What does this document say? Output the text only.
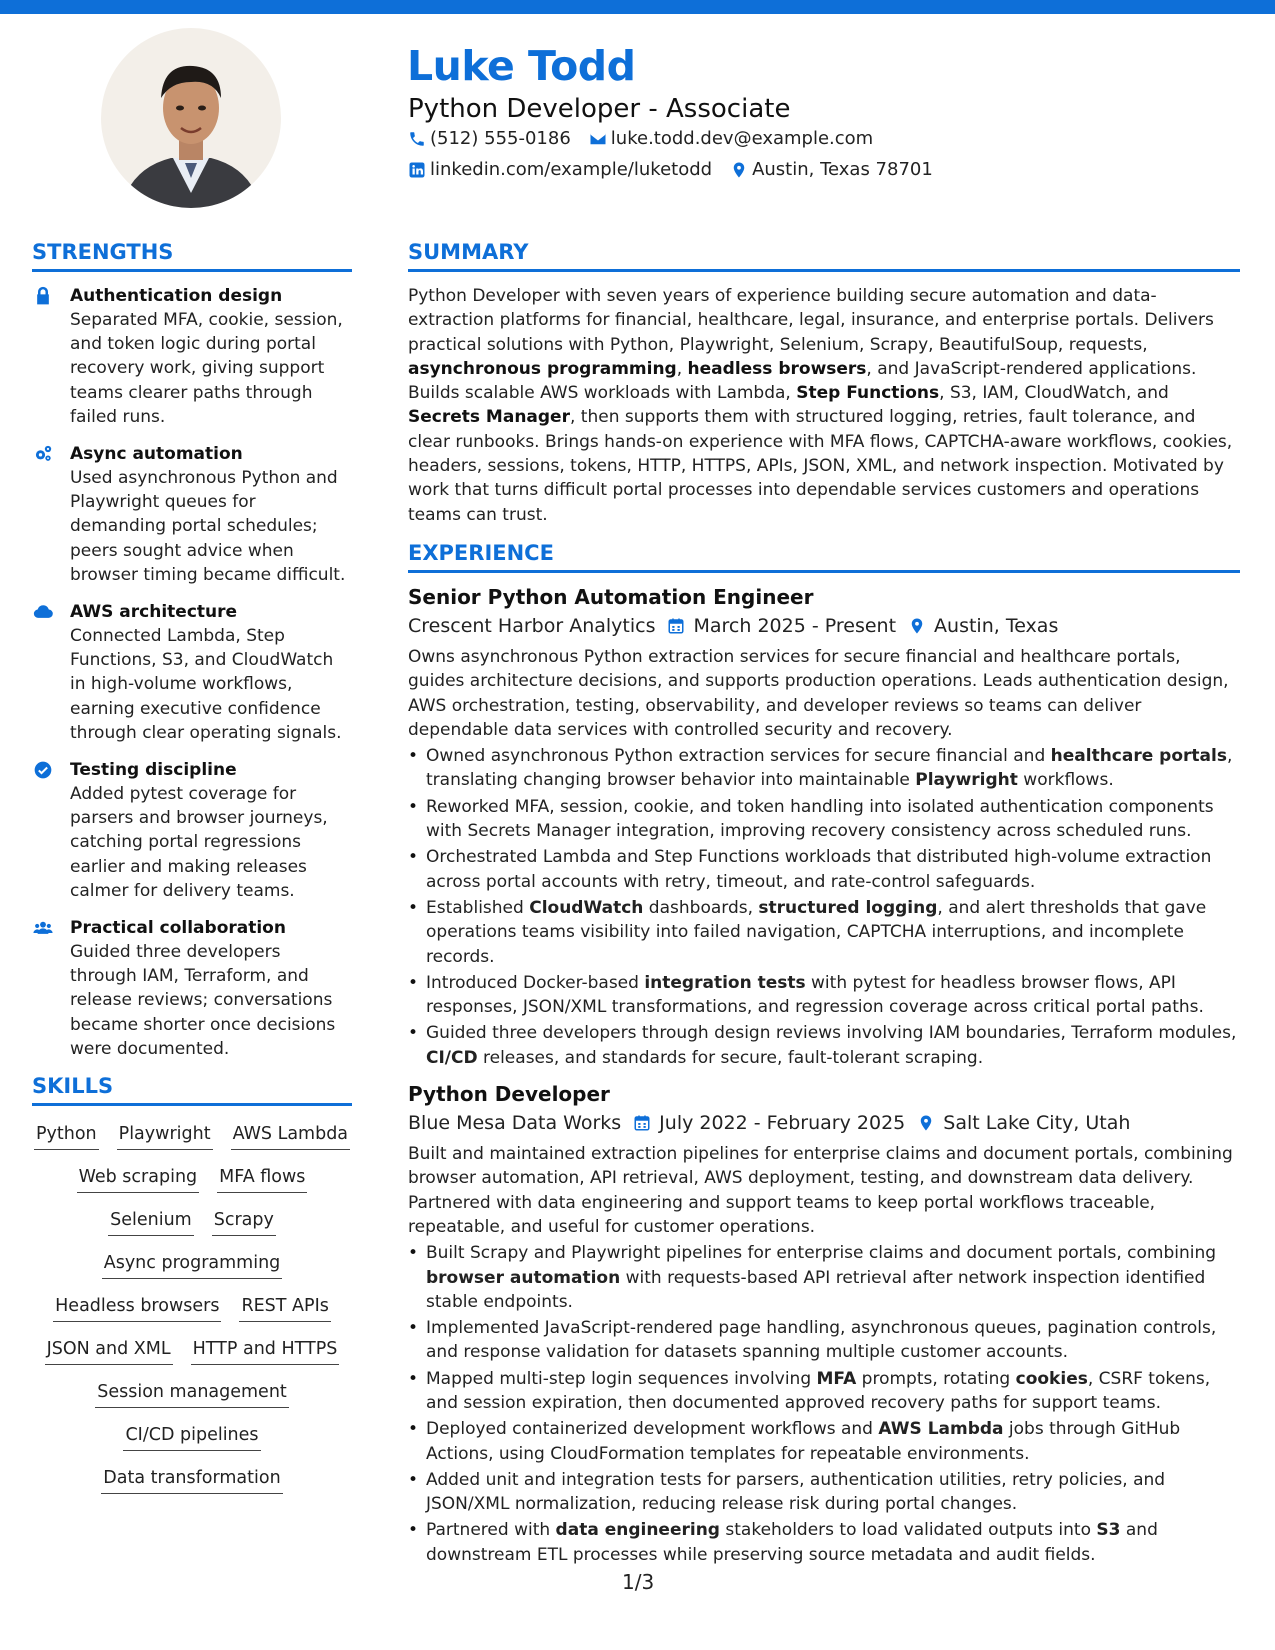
Luke Todd
Python Developer - Associate
(512) 555-0186 luke.todd.dev@example.com
linkedin.com/example/luketodd Austin, Texas 78701
STRENGTHS
Authentication design
Separated MFA, cookie, session, and token logic during portal recovery work, giving support teams clearer paths through failed runs.
Async automation
Used asynchronous Python and Playwright queues for demanding portal schedules; peers sought advice when browser timing became difficult.
AWS architecture
Connected Lambda, Step Functions, S3, and CloudWatch in high-volume workflows, earning executive confidence through clear operating signals.
Testing discipline
Added pytest coverage for parsers and browser journeys, catching portal regressions earlier and making releases calmer for delivery teams.
Practical collaboration
Guided three developers through IAM, Terraform, and release reviews; conversations became shorter once decisions were documented.
SKILLS
Python Playwright AWS Lambda
Web scraping MFA flows
Selenium Scrapy
Async programming
Headless browsers REST APIs
JSON and XML HTTP and HTTPS
Session management
CI/CD pipelines
Data transformation
SUMMARY
Python Developer with seven years of experience building secure automation and data-extraction platforms for financial, healthcare, legal, insurance, and enterprise portals. Delivers practical solutions with Python, Playwright, Selenium, Scrapy, BeautifulSoup, requests, asynchronous programming, headless browsers, and JavaScript-rendered applications. Builds scalable AWS workloads with Lambda, Step Functions, S3, IAM, CloudWatch, and Secrets Manager, then supports them with structured logging, retries, fault tolerance, and clear runbooks. Brings hands-on experience with MFA flows, CAPTCHA-aware workflows, cookies, headers, sessions, tokens, HTTP, HTTPS, APIs, JSON, XML, and network inspection. Motivated by work that turns difficult portal processes into dependable services customers and operations teams can trust.
EXPERIENCE
Senior Python Automation Engineer
Crescent Harbor Analytics March 2025 - Present Austin, Texas
Owns asynchronous Python extraction services for secure financial and healthcare portals, guides architecture decisions, and supports production operations. Leads authentication design, AWS orchestration, testing, observability, and developer reviews so teams can deliver dependable data services with controlled security and recovery.
• Owned asynchronous Python extraction services for secure financial and healthcare portals, translating changing browser behavior into maintainable Playwright workflows.
• Reworked MFA, session, cookie, and token handling into isolated authentication components with Secrets Manager integration, improving recovery consistency across scheduled runs.
• Orchestrated Lambda and Step Functions workloads that distributed high-volume extraction across portal accounts with retry, timeout, and rate-control safeguards.
• Established CloudWatch dashboards, structured logging, and alert thresholds that gave operations teams visibility into failed navigation, CAPTCHA interruptions, and incomplete records.
• Introduced Docker-based integration tests with pytest for headless browser flows, API responses, JSON/XML transformations, and regression coverage across critical portal paths.
• Guided three developers through design reviews involving IAM boundaries, Terraform modules, CI/CD releases, and standards for secure, fault-tolerant scraping.
Python Developer
Blue Mesa Data Works July 2022 - February 2025 Salt Lake City, Utah
Built and maintained extraction pipelines for enterprise claims and document portals, combining browser automation, API retrieval, AWS deployment, testing, and downstream data delivery. Partnered with data engineering and support teams to keep portal workflows traceable, repeatable, and useful for customer operations.
• Built Scrapy and Playwright pipelines for enterprise claims and document portals, combining browser automation with requests-based API retrieval after network inspection identified stable endpoints.
• Implemented JavaScript-rendered page handling, asynchronous queues, pagination controls, and response validation for datasets spanning multiple customer accounts.
• Mapped multi-step login sequences involving MFA prompts, rotating cookies, CSRF tokens, and session expiration, then documented approved recovery paths for support teams.
• Deployed containerized development workflows and AWS Lambda jobs through GitHub Actions, using CloudFormation templates for repeatable environments.
• Added unit and integration tests for parsers, authentication utilities, retry policies, and JSON/XML normalization, reducing release risk during portal changes.
• Partnered with data engineering stakeholders to load validated outputs into S3 and downstream ETL processes while preserving source metadata and audit fields.
1/3
